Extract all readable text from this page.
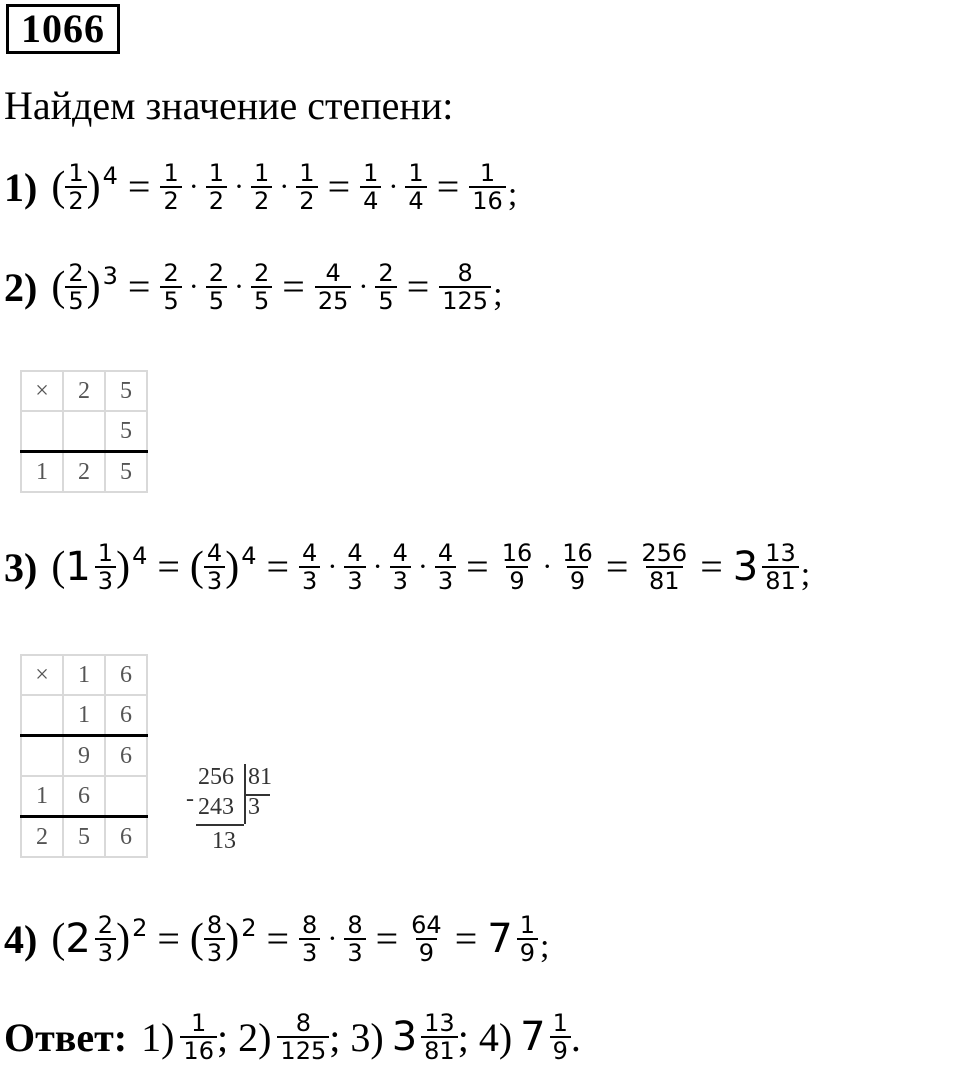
1066
Найдем значение степени:
1) ( $\frac{1}{2}$ ) $4 = \frac{1}{2} \cdot \frac{1}{2} \cdot \frac{1}{2} \cdot \frac{1}{2} = \frac{1}{4} \cdot \frac{1}{4} = \frac{1}{16}$ ;
2) ( $\frac{2}{5}$ ) $3 = \frac{2}{5} \cdot \frac{2}{5} \cdot \frac{2}{5} = \frac{4}{25} \cdot \frac{2}{5} = \frac{8}{125}$ ;
×	2	5
		5
1	2	5
3) ( $1 \frac{1}{3}$ ) 4 = ( $\frac{4}{3}$ ) $4 = \frac{4}{3} \cdot \frac{4}{3} \cdot \frac{4}{3} \cdot \frac{4}{3} = \frac{16}{9} \cdot \frac{16}{9} = \frac{256}{81} = 3 \frac{13}{81}$ ;
×	1	6
	1	6
	9	6
1	6	
2	5	6
256 81
- 243 3
13
4) ( $2 \frac{2}{3}$ ) 2 = ( $\frac{8}{3}$ ) $2 = \frac{8}{3} \cdot \frac{8}{3} = \frac{64}{9} = 7 \frac{1}{9}$ ;
Ответ: $1) \frac{1}{16}$ ; $2) \frac{8}{125}$ ; 3) $3 \frac{13}{81}$ ; 4) $7 \frac{1}{9}$ .
